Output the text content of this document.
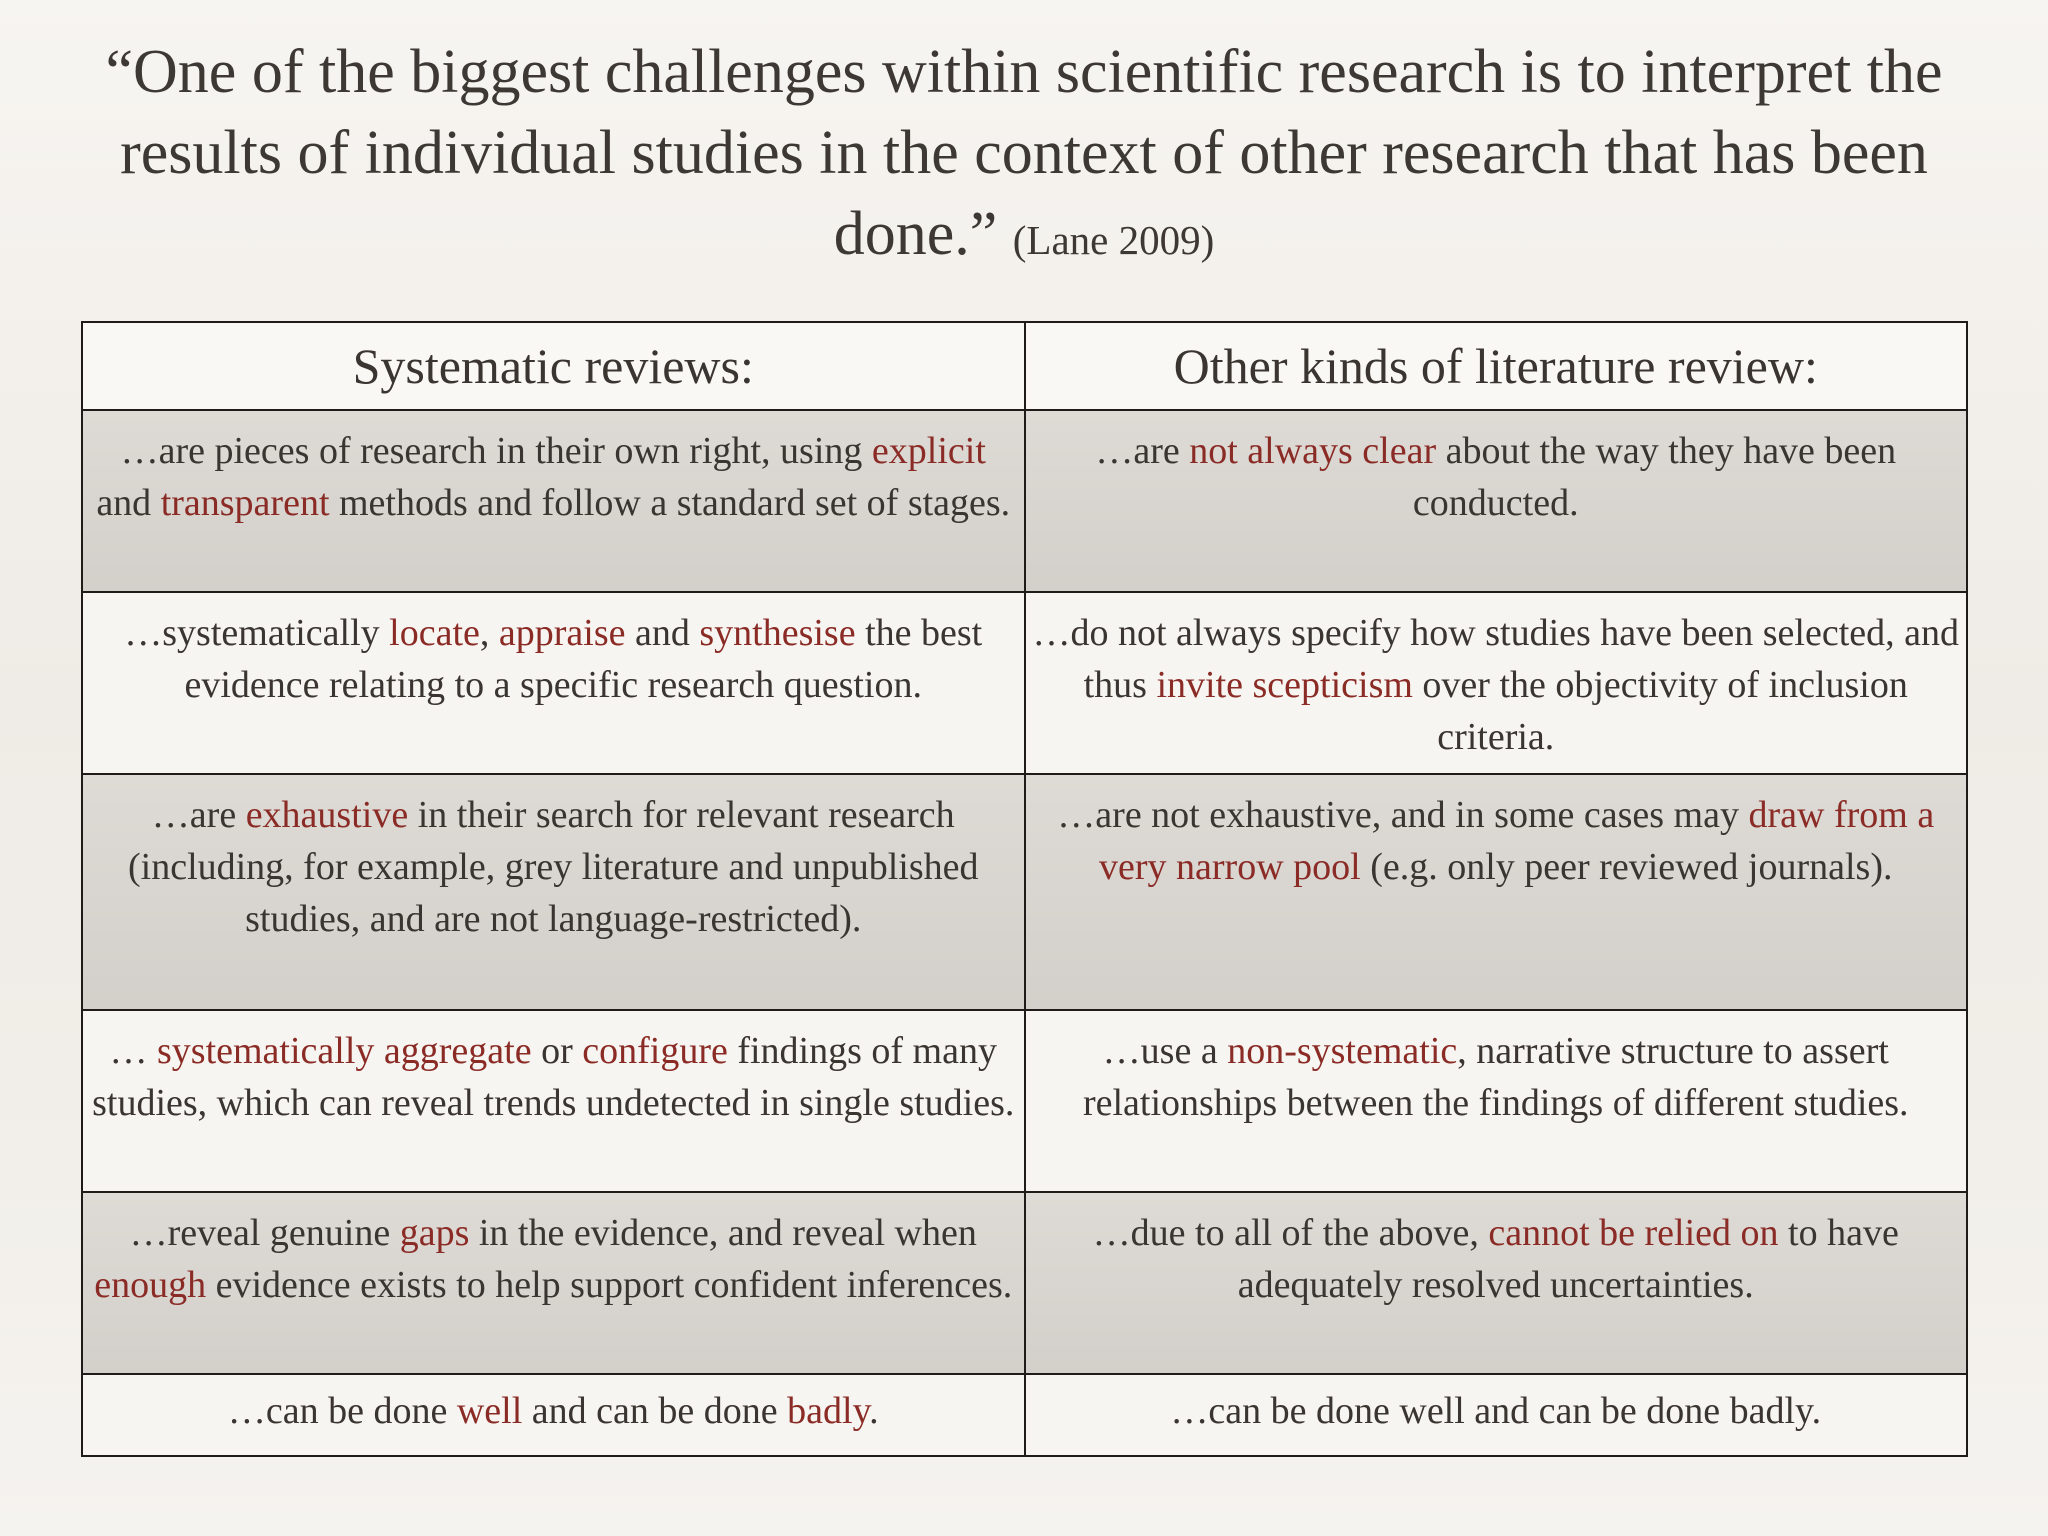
“One of the biggest challenges within scientific research is to interpret the results of individual studies in the context of other research that has been done.” (Lane 2009)
Systematic reviews:	Other kinds of literature review:
…are pieces of research in their own right, using explicit and transparent methods and follow a standard set of stages.	…are not always clear about the way they have been conducted.
…systematically locate, appraise and synthesise the best evidence relating to a specific research question.	…do not always specify how studies have been selected, and thus invite scepticism over the objectivity of inclusion criteria.
…are exhaustive in their search for relevant research (including, for example, grey literature and unpublished studies, and are not language-restricted).	…are not exhaustive, and in some cases may draw from a very narrow pool (e.g. only peer reviewed journals).
… systematically aggregate or configure findings of many studies, which can reveal trends undetected in single studies.	…use a non-systematic, narrative structure to assert relationships between the findings of different studies.
…reveal genuine gaps in the evidence, and reveal when enough evidence exists to help support confident inferences.	…due to all of the above, cannot be relied on to have adequately resolved uncertainties.
…can be done well and can be done badly.	…can be done well and can be done badly.
